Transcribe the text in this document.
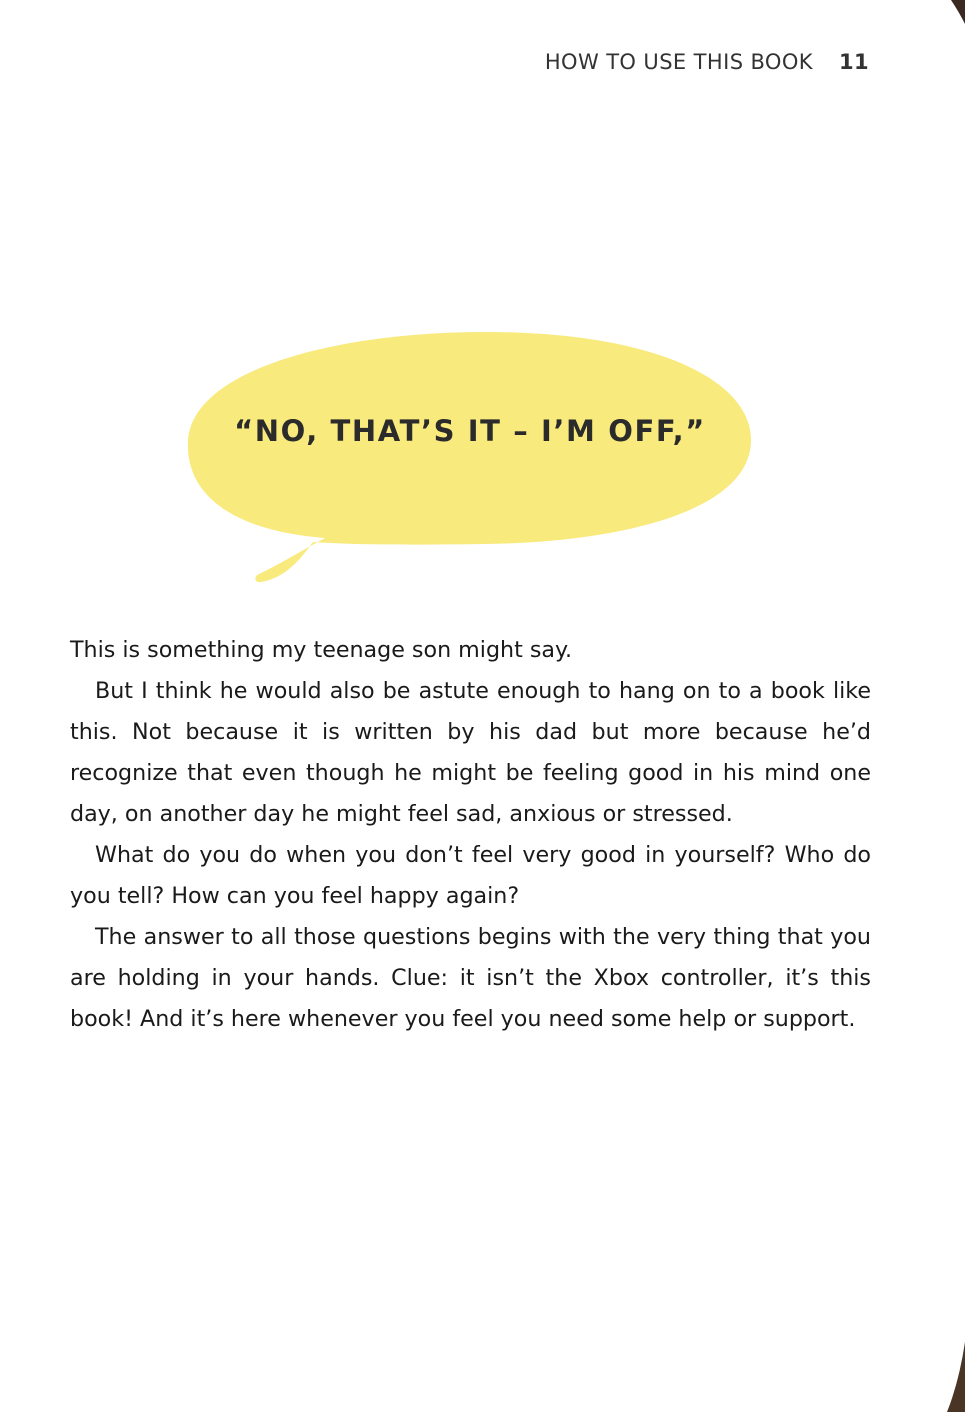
HOW TO USE THIS BOOK 11
“NO, THAT’S IT – I’M OFF,”

This is something my teenage son might say.

But I think he would also be astute enough to hang on to a book like this. Not because it is written by his dad but more because he’d recognize that even though he might be feeling good in his mind one day, on another day he might feel sad, anxious or stressed.

What do you do when you don’t feel very good in yourself? Who do you tell? How can you feel happy again?

The answer to all those questions begins with the very thing that you are holding in your hands. Clue: it isn’t the Xbox controller, it’s this book! And it’s here whenever you feel you need some help or support.
